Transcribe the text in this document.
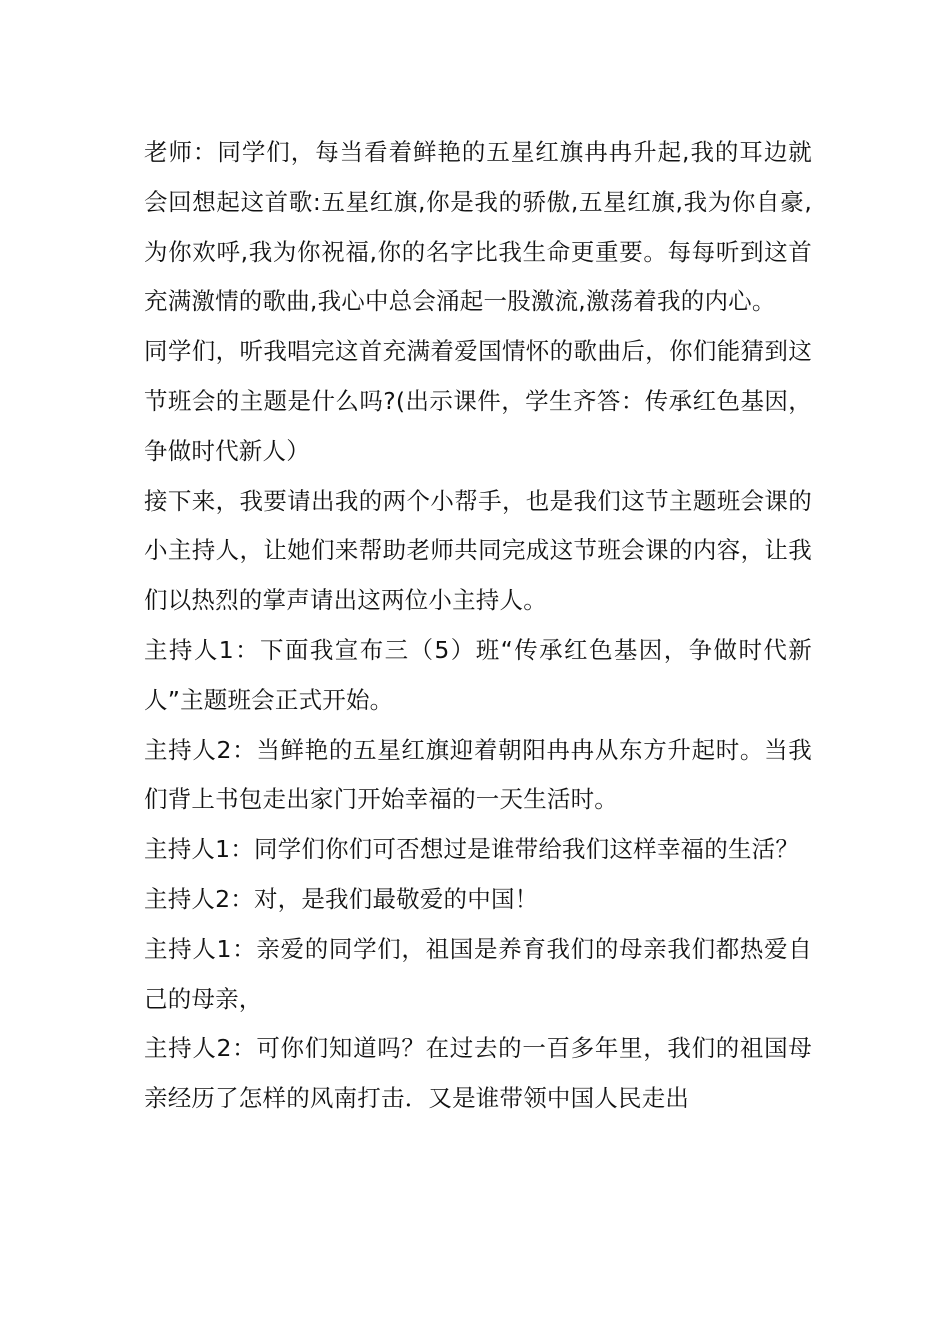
老师：同学们，每当看着鲜艳的五星红旗冉冉升起,我的耳边就会回想起这首歌:五星红旗,你是我的骄傲,五星红旗,我为你自豪,为你欢呼,我为你祝福,你的名字比我生命更重要。每每听到这首充满激情的歌曲,我心中总会涌起一股激流,激荡着我的内心。

同学们，听我唱完这首充满着爱国情怀的歌曲后，你们能猜到这节班会的主题是什么吗?(出示课件，学生齐答：传承红色基因，争做时代新人）

接下来，我要请出我的两个小帮手，也是我们这节主题班会课的小主持人，让她们来帮助老师共同完成这节班会课的内容，让我们以热烈的掌声请出这两位小主持人。

主持人1：下面我宣布三（5）班“传承红色基因，争做时代新人”主题班会正式开始。

主持人2：当鲜艳的五星红旗迎着朝阳冉冉从东方升起时。当我们背上书包走出家门开始幸福的一天生活时。

主持人1：同学们你们可否想过是谁带给我们这样幸福的生活？

主持人2：对，是我们最敬爱的中国！

主持人1：亲爱的同学们，祖国是养育我们的母亲我们都热爱自己的母亲，

主持人2：可你们知道吗？在过去的一百多年里，我们的祖国母亲经历了怎样的风南打击．又是谁带领中国人民走出
